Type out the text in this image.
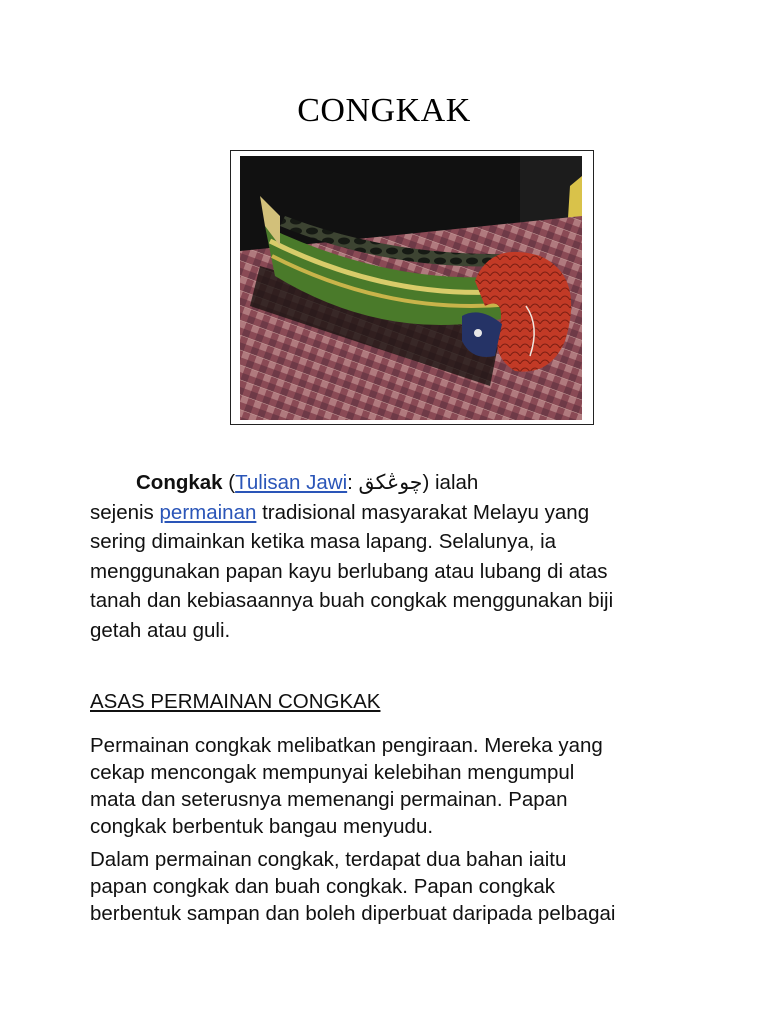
CONGKAK
Congkak (Tulisan Jawi: چوڠکق) ialah
sejenis permainan tradisional masyarakat Melayu yang
sering dimainkan ketika masa lapang. Selalunya, ia
menggunakan papan kayu berlubang atau lubang di atas
tanah dan kebiasaannya buah congkak menggunakan biji
getah atau guli.
ASAS PERMAINAN CONGKAK
Permainan congkak melibatkan pengiraan. Mereka yang
cekap mencongak mempunyai kelebihan mengumpul
mata dan seterusnya memenangi permainan. Papan
congkak berbentuk bangau menyudu.
Dalam permainan congkak, terdapat dua bahan iaitu
papan congkak dan buah congkak. Papan congkak
berbentuk sampan dan boleh diperbuat daripada pelbagai
